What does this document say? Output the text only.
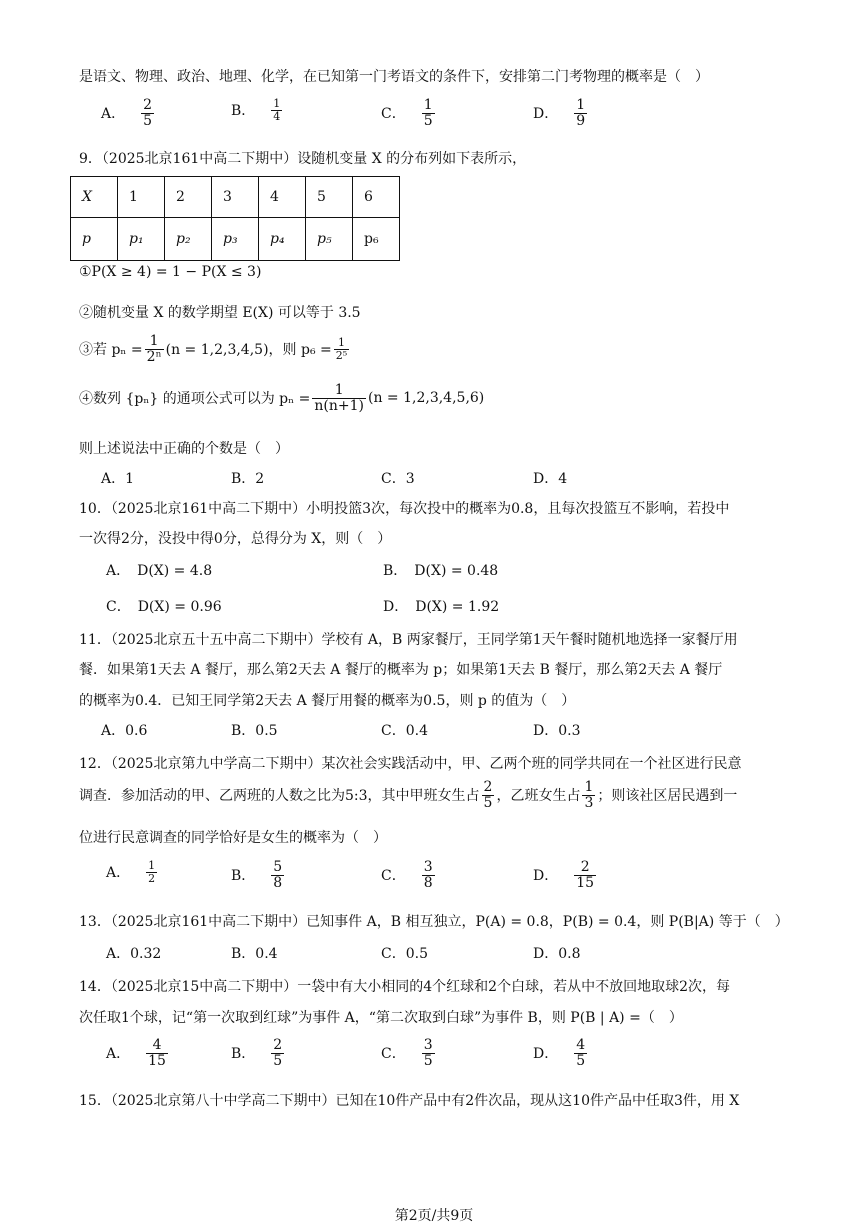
是语文、物理、政治、地理、化学，在已知第一门考语文的条件下，安排第二门考物理的概率是（　）
A． $\frac{2}{5}$	B． $\frac{1}{4}$	C． $\frac{1}{5}$	D． $\frac{1}{9}$
9．（2025北京161中高二下期中）设随机变量 X 的分布列如下表所示，
X	1	2	3	4	5	6
p	p₁	p₂	p₃	p₄	p₅	p₆
①P(X ≥ 4) = 1 − P(X ≤ 3)
②随机变量 X 的数学期望 E(X) 可以等于 3.5
③若 $p_n = \frac{1}{\text{2ⁿ}} (n = 1,2,3,4,5)$，则 $p_6 = \frac{1}{\text{2⁵}}$
④数列 {pₙ} 的通项公式可以为 $p_n = \frac{1}{n(n+1)} (n = 1,2,3,4,5,6)$
则上述说法中正确的个数是（　）
A．1	B．2	C．3	D．4
10．（2025北京161中高二下期中）小明投篮3次，每次投中的概率为0.8，且每次投篮互不影响，若投中
一次得2分，没投中得0分，总得分为 X，则（　）
A．　D(X) = 4.8	B．　D(X) = 0.48
C．　D(X) = 0.96	D．　D(X) = 1.92
11．（2025北京五十五中高二下期中）学校有 A，B 两家餐厅，王同学第1天午餐时随机地选择一家餐厅用
餐．如果第1天去 A 餐厅，那么第2天去 A 餐厅的概率为 p；如果第1天去 B 餐厅，那么第2天去 A 餐厅
的概率为0.4．已知王同学第2天去 A 餐厅用餐的概率为0.5，则 p 的值为（　）
A．0.6	B．0.5	C．0.4	D．0.3
12．（2025北京第九中学高二下期中）某次社会实践活动中，甲、乙两个班的同学共同在一个社区进行民意
调查．参加活动的甲、乙两班的人数之比为5:3，其中甲班女生占 $\frac{2}{5}$ ，乙班女生占 $\frac{1}{3}$ ；则该社区居民遇到一
位进行民意调查的同学恰好是女生的概率为（　）
A． $\frac{1}{2}$	B． $\frac{5}{8}$	C． $\frac{3}{8}$	D． $\frac{2}{15}$
13．（2025北京161中高二下期中）已知事件 A，B 相互独立，P(A) = 0.8，P(B) = 0.4，则 P(B|A) 等于（　）
A．0.32	B．0.4	C．0.5	D．0.8
14．（2025北京15中高二下期中）一袋中有大小相同的4个红球和2个白球，若从中不放回地取球2次，每
次任取1个球，记“第一次取到红球”为事件 A，“第二次取到白球”为事件 B，则 P(B | A) =（　）
A． $\frac{4}{15}$	B． $\frac{2}{5}$	C． $\frac{3}{5}$	D． $\frac{4}{5}$
15．（2025北京第八十中学高二下期中）已知在10件产品中有2件次品，现从这10件产品中任取3件，用 X
第2页/共9页
